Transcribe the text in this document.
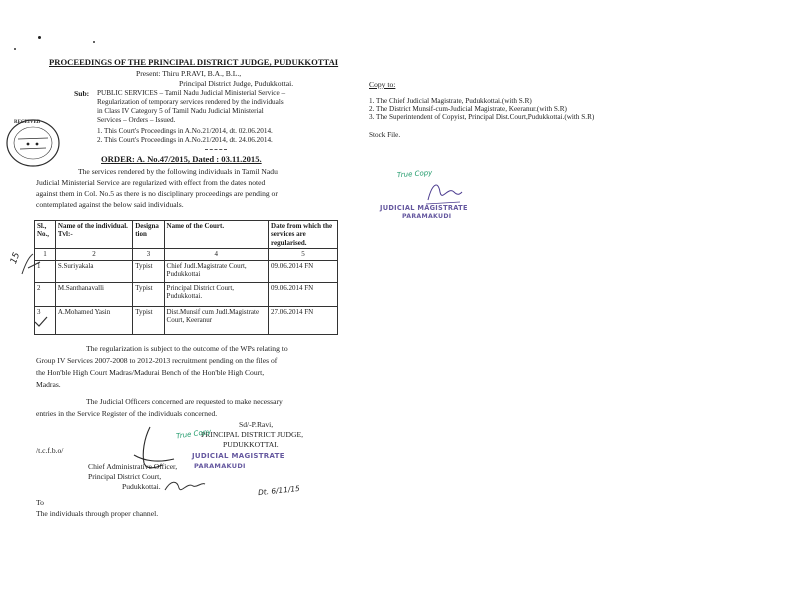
PROCEEDINGS OF THE PRINCIPAL DISTRICT JUDGE, PUDUKKOTTAI
Present: Thiru P.RAVI, B.A., B.L.,
Principal District Judge, Pudukkottai.
Sub: PUBLIC SERVICES – Tamil Nadu Judicial Ministerial Service –
Regularization of temporary services rendered by the individuals
in Class IV Category 5 of Tamil Nadu Judicial Ministerial
Services – Orders – Issued.
1. This Court's Proceedings in A.No.21/2014, dt. 02.06.2014.
2. This Court's Proceedings in A.No.21/2014, dt. 24.06.2014.
ORDER: A. No.47/2015, Dated : 03.11.2015.
The services rendered by the following individuals in Tamil Nadu
Judicial Ministerial Service are regularized with effect from the dates noted
against them in Col. No.5 as there is no disciplinary proceedings are pending or
contemplated against the below said individuals.
RECEIVED
Sl., No.,	Name of the individual. Tvl:-	Designa tion	Name of the Court.	Date from which the services are regularised.
1	2	3	4	5
1	S.Suriyakala	Typist	Chief Judl.Magistrate Court, Pudukkottai	09.06.2014 FN
2	M.Santhanavalli	Typist	Principal District Court, Pudukkottai.	09.06.2014 FN
3	A.Mohamed Yasin	Typist	Dist.Munsif cum Judl.Magistrate Court, Keeranur	27.06.2014 FN
15
The regularization is subject to the outcome of the WPs relating to
Group IV Services 2007-2008 to 2012-2013 recruitment pending on the files of
the Hon'ble High Court Madras/Madurai Bench of the Hon'ble High Court,
Madras.
The Judicial Officers concerned are requested to make necessary
entries in the Service Register of the individuals concerned.
Sd/-P.Ravi,
PRINCIPAL DISTRICT JUDGE,
PUDUKKOTTAI.
/t.c.f.b.o/
True Copy
JUDICIAL MAGISTRATE
PARAMAKUDI
Chief Administrative Officer,
Principal District Court,
Pudukkottai.	Dt. 6/11/15
To
The individuals through proper channel.
Copy to:
1. The Chief Judicial Magistrate, Pudukkottai.(with S.R)
2. The District Munsif-cum-Judicial Magistrate, Keeranur.(with S.R)
3. The Superintendent of Copyist, Principal Dist.Court,Pudukkottai.(with S.R)
Stock File.
True Copy
JUDICIAL MAGISTRATE
PARAMAKUDI
